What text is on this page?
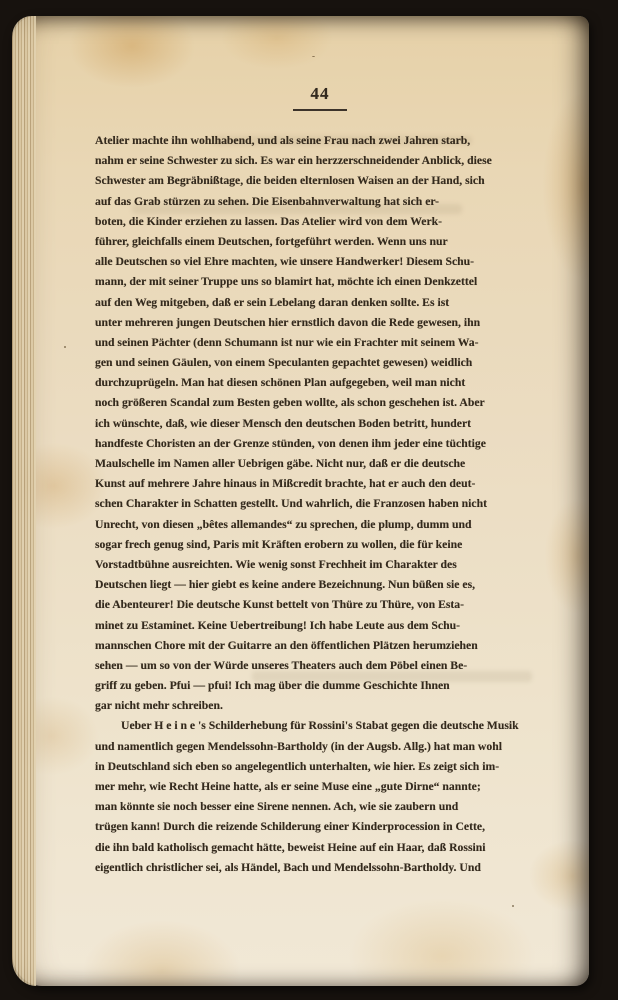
44
Atelier machte ihn wohlhabend, und als seine Frau nach zwei Jahren starb,
nahm er seine Schwester zu sich. Es war ein herzzerschneidender Anblick, diese
Schwester am Begräbnißtage, die beiden elternlosen Waisen an der Hand, sich
auf das Grab stürzen zu sehen. Die Eisenbahnverwaltung hat sich er-
boten, die Kinder erziehen zu lassen. Das Atelier wird von dem Werk-
führer, gleichfalls einem Deutschen, fortgeführt werden. Wenn uns nur
alle Deutschen so viel Ehre machten, wie unsere Handwerker! Diesem Schu-
mann, der mit seiner Truppe uns so blamirt hat, möchte ich einen Denkzettel
auf den Weg mitgeben, daß er sein Lebelang daran denken sollte. Es ist
unter mehreren jungen Deutschen hier ernstlich davon die Rede gewesen, ihn
und seinen Pächter (denn Schumann ist nur wie ein Frachter mit seinem Wa-
gen und seinen Gäulen, von einem Speculanten gepachtet gewesen) weidlich
durchzuprügeln. Man hat diesen schönen Plan aufgegeben, weil man nicht
noch größeren Scandal zum Besten geben wollte, als schon geschehen ist. Aber
ich wünschte, daß, wie dieser Mensch den deutschen Boden betritt, hundert
handfeste Choristen an der Grenze stünden, von denen ihm jeder eine tüchtige
Maulschelle im Namen aller Uebrigen gäbe. Nicht nur, daß er die deutsche
Kunst auf mehrere Jahre hinaus in Mißcredit brachte, hat er auch den deut-
schen Charakter in Schatten gestellt. Und wahrlich, die Franzosen haben nicht
Unrecht, von diesen „bêtes allemandes“ zu sprechen, die plump, dumm und
sogar frech genug sind, Paris mit Kräften erobern zu wollen, die für keine
Vorstadtbühne ausreichten. Wie wenig sonst Frechheit im Charakter des
Deutschen liegt — hier giebt es keine andere Bezeichnung. Nun büßen sie es,
die Abenteurer! Die deutsche Kunst bettelt von Thüre zu Thüre, von Esta-
minet zu Estaminet. Keine Uebertreibung! Ich habe Leute aus dem Schu-
mannschen Chore mit der Guitarre an den öffentlichen Plätzen herumziehen
sehen — um so von der Würde unseres Theaters auch dem Pöbel einen Be-
griff zu geben. Pfui — pfui! Ich mag über die dumme Geschichte Ihnen
gar nicht mehr schreiben.
Ueber H e i n e 's Schilderhebung für Rossini's Stabat gegen die deutsche Musik
und namentlich gegen Mendelssohn-Bartholdy (in der Augsb. Allg.) hat man wohl
in Deutschland sich eben so angelegentlich unterhalten, wie hier. Es zeigt sich im-
mer mehr, wie Recht Heine hatte, als er seine Muse eine „gute Dirne“ nannte;
man könnte sie noch besser eine Sirene nennen. Ach, wie sie zaubern und
trügen kann! Durch die reizende Schilderung einer Kinderprocession in Cette,
die ihn bald katholisch gemacht hätte, beweist Heine auf ein Haar, daß Rossini
eigentlich christlicher sei, als Händel, Bach und Mendelssohn-Bartholdy. Und
